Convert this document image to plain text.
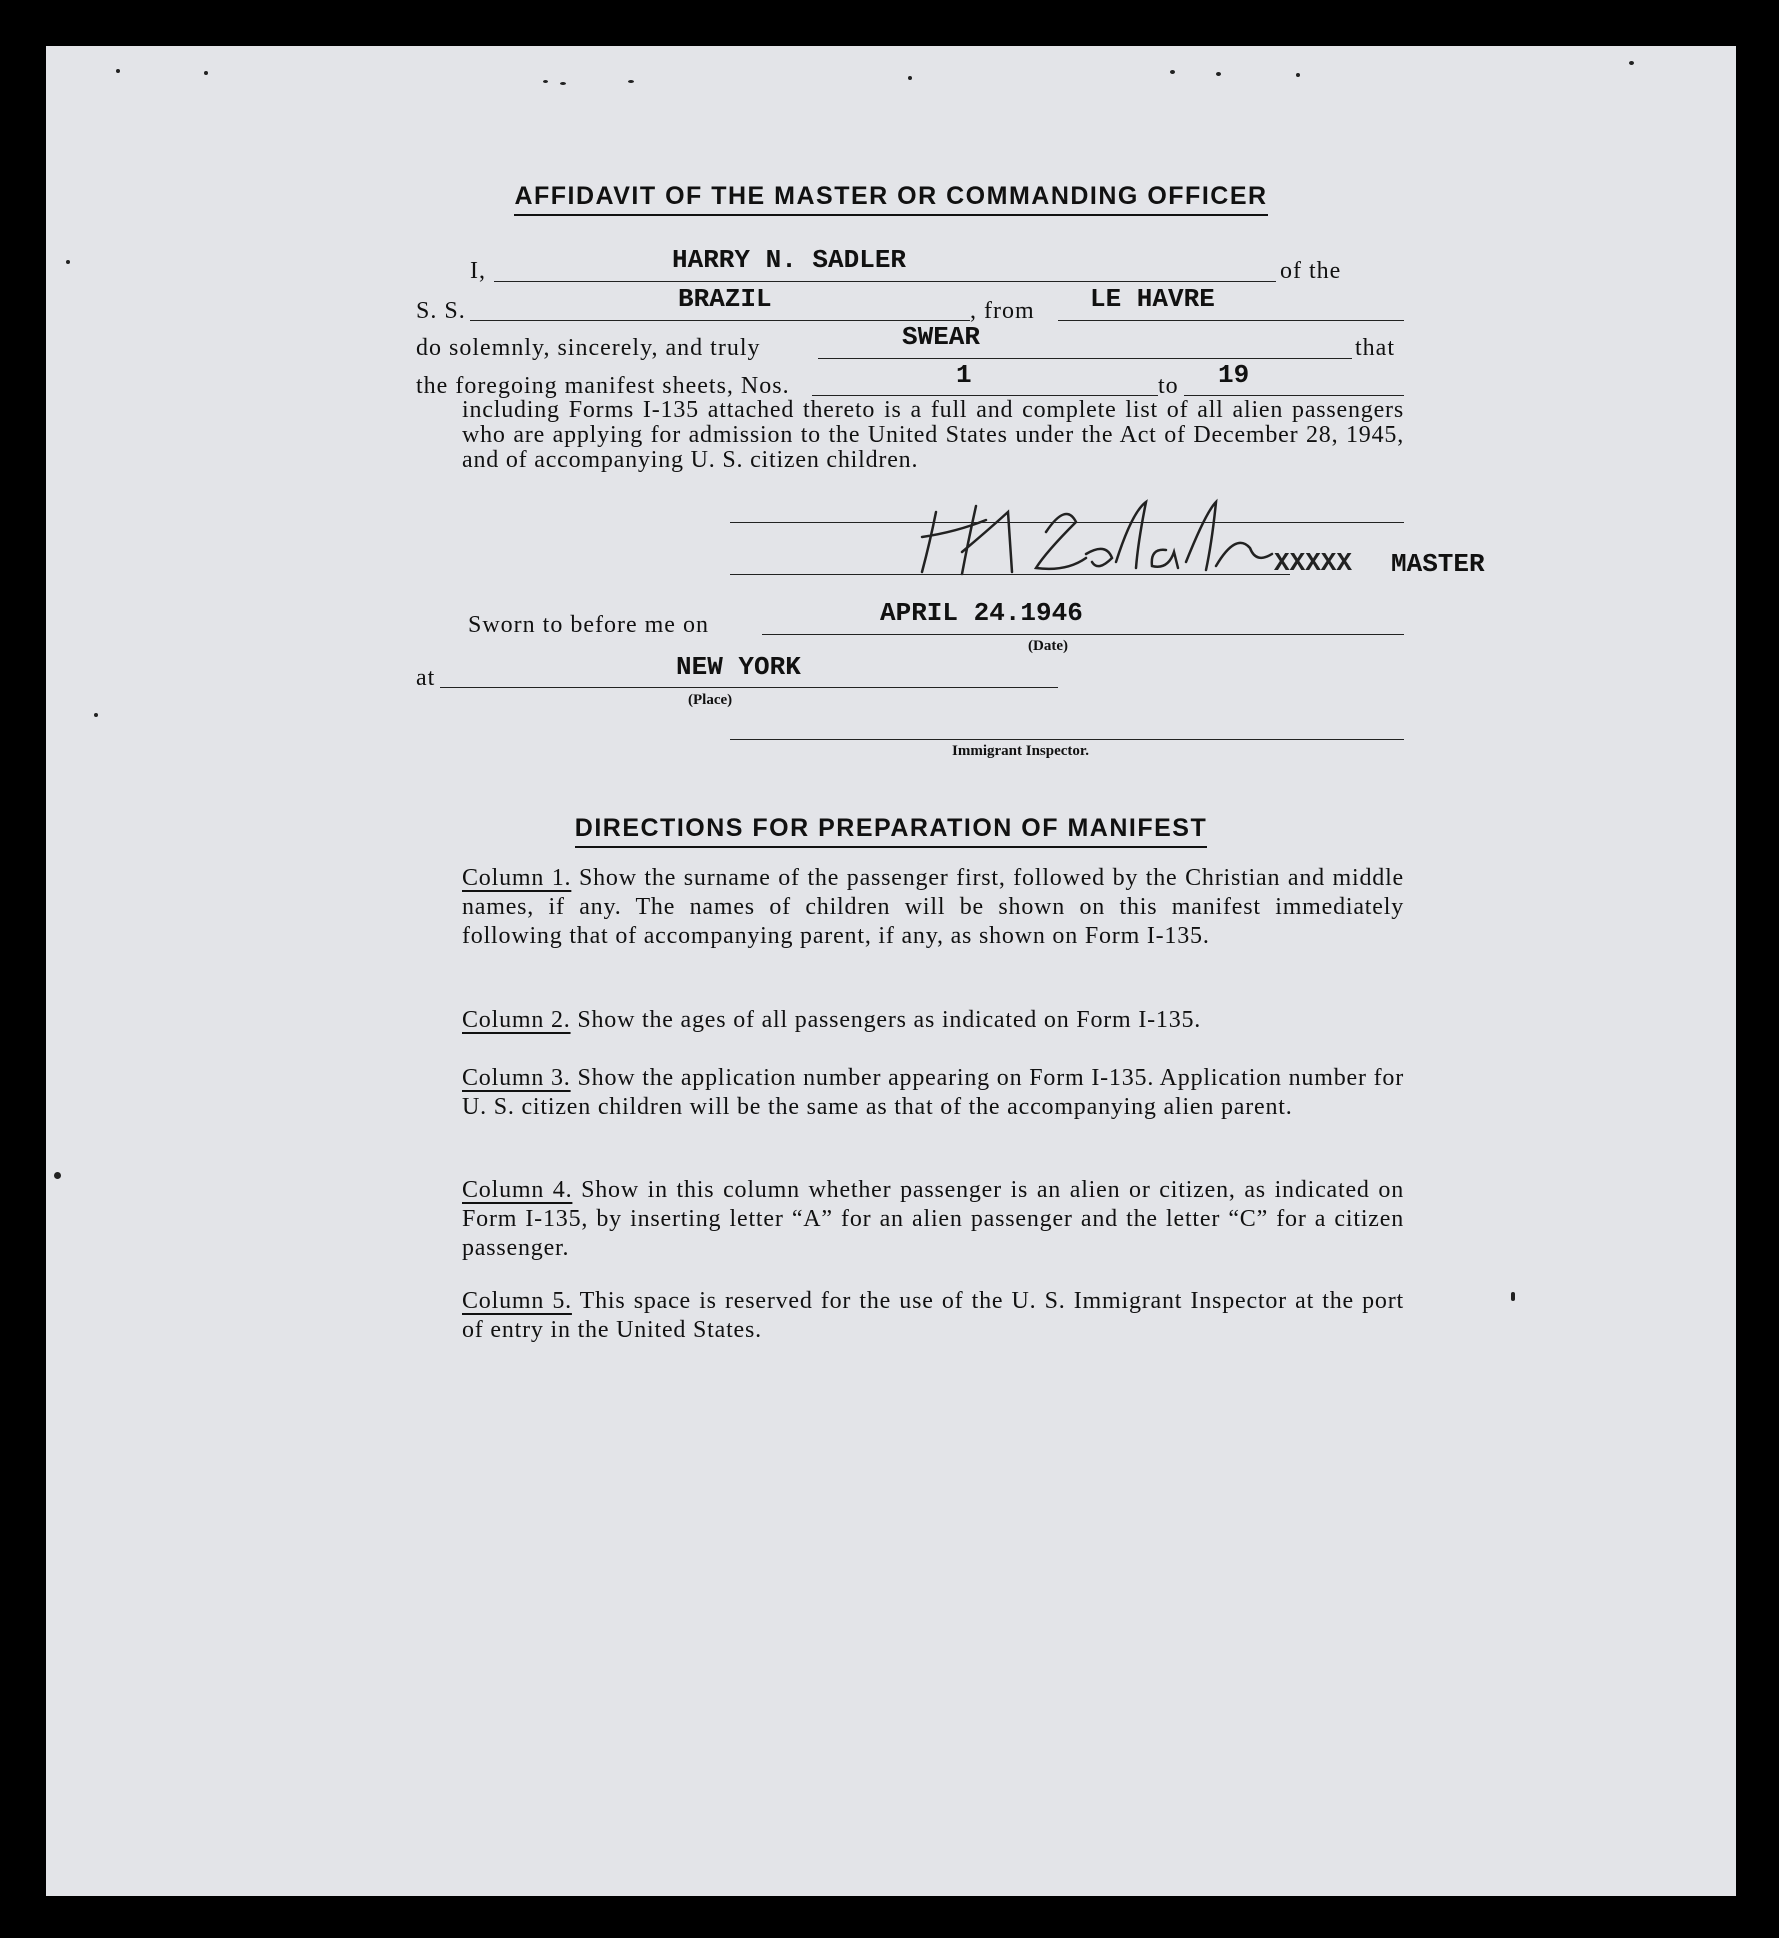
AFFIDAVIT OF THE MASTER OR COMMANDING OFFICER
I,	HARRY N. SADLER	of the
S. S.	BRAZIL	, from LE HAVRE
do solemnly, sincerely, and truly	SWEAR	that
the foregoing manifest sheets, Nos.	1	to 19
including Forms I-135 attached thereto is a full and complete list of all alien passengers who are applying for admission to the United States under the Act of December 28, 1945, and of accompanying U. S. citizen children.
XXXXX MASTER
Sworn to before me on	APRIL 24.1946
(Date)
at	NEW YORK
(Place)
Immigrant Inspector.
DIRECTIONS FOR PREPARATION OF MANIFEST
Column 1. Show the surname of the passenger first, followed by the Christian and middle names, if any. The names of children will be shown on this manifest immediately following that of accompanying parent, if any, as shown on Form I-135.
Column 2. Show the ages of all passengers as indicated on Form I-135.
Column 3. Show the application number appearing on Form I-135. Application number for U. S. citizen children will be the same as that of the accompanying alien parent.
Column 4. Show in this column whether passenger is an alien or citizen, as indicated on Form I-135, by inserting letter “A” for an alien passenger and the letter “C” for a citizen passenger.
Column 5. This space is reserved for the use of the U. S. Immigrant Inspector at the port of entry in the United States.
